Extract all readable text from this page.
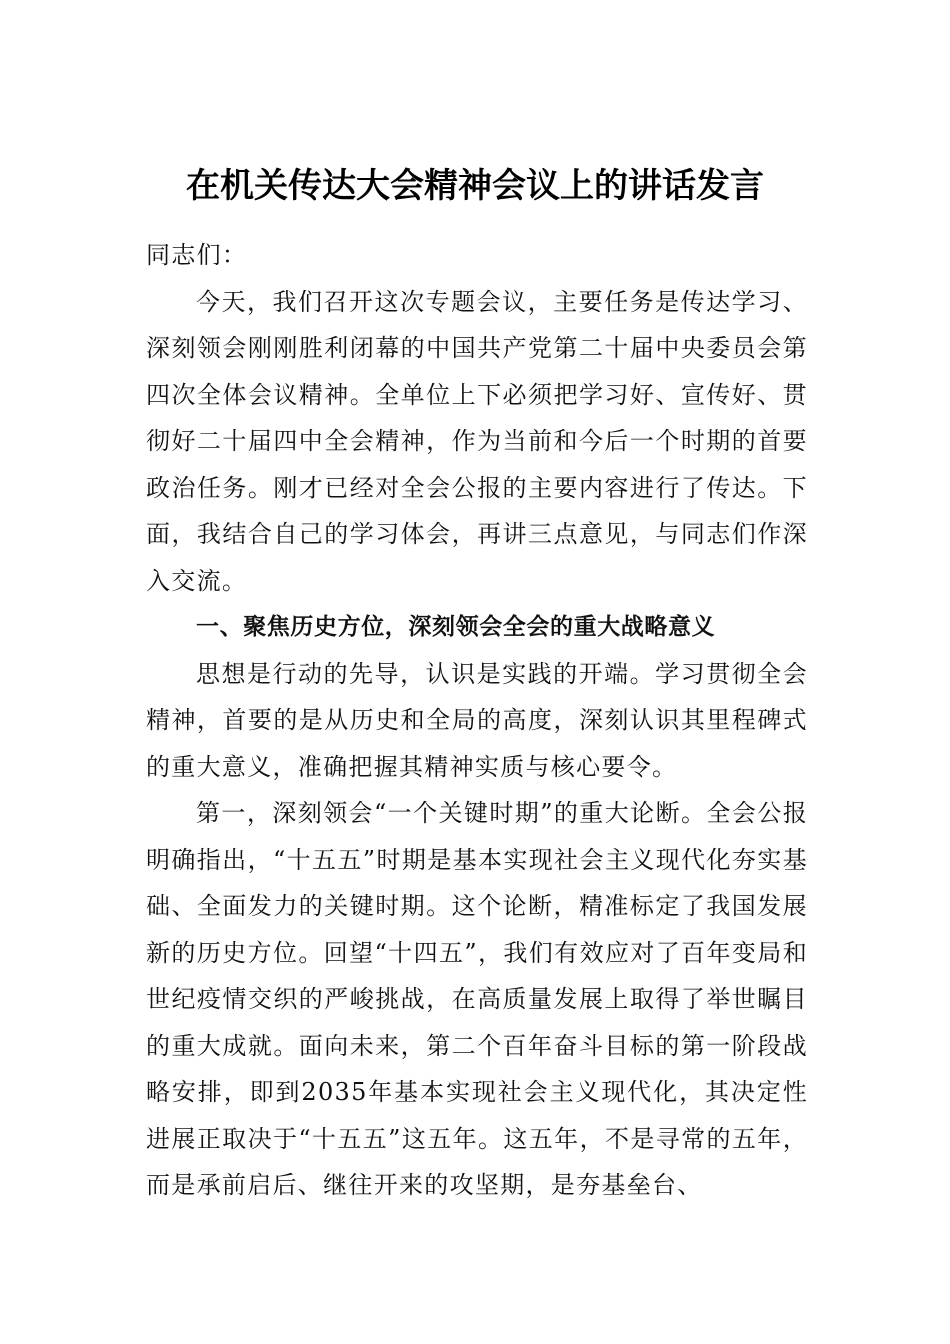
在机关传达大会精神会议上的讲话发言

同志们：

今天，我们召开这次专题会议，主要任务是传达学习、深刻领会刚刚胜利闭幕的中国共产党第二十届中央委员会第四次全体会议精神。全单位上下必须把学习好、宣传好、贯彻好二十届四中全会精神，作为当前和今后一个时期的首要政治任务。刚才已经对全会公报的主要内容进行了传达。下面，我结合自己的学习体会，再讲三点意见，与同志们作深入交流。

一、聚焦历史方位，深刻领会全会的重大战略意义

思想是行动的先导，认识是实践的开端。学习贯彻全会精神，首要的是从历史和全局的高度，深刻认识其里程碑式的重大意义，准确把握其精神实质与核心要令。

第一，深刻领会“一个关键时期”的重大论断。全会公报明确指出，“十五五”时期是基本实现社会主义现代化夯实基础、全面发力的关键时期。这个论断，精准标定了我国发展新的历史方位。回望“十四五”，我们有效应对了百年变局和世纪疫情交织的严峻挑战，在高质量发展上取得了举世瞩目的重大成就。面向未来，第二个百年奋斗目标的第一阶段战略安排，即到2035年基本实现社会主义现代化，其决定性进展正取决于“十五五”这五年。这五年，不是寻常的五年，而是承前启后、继往开来的攻坚期，是夯基垒台、
